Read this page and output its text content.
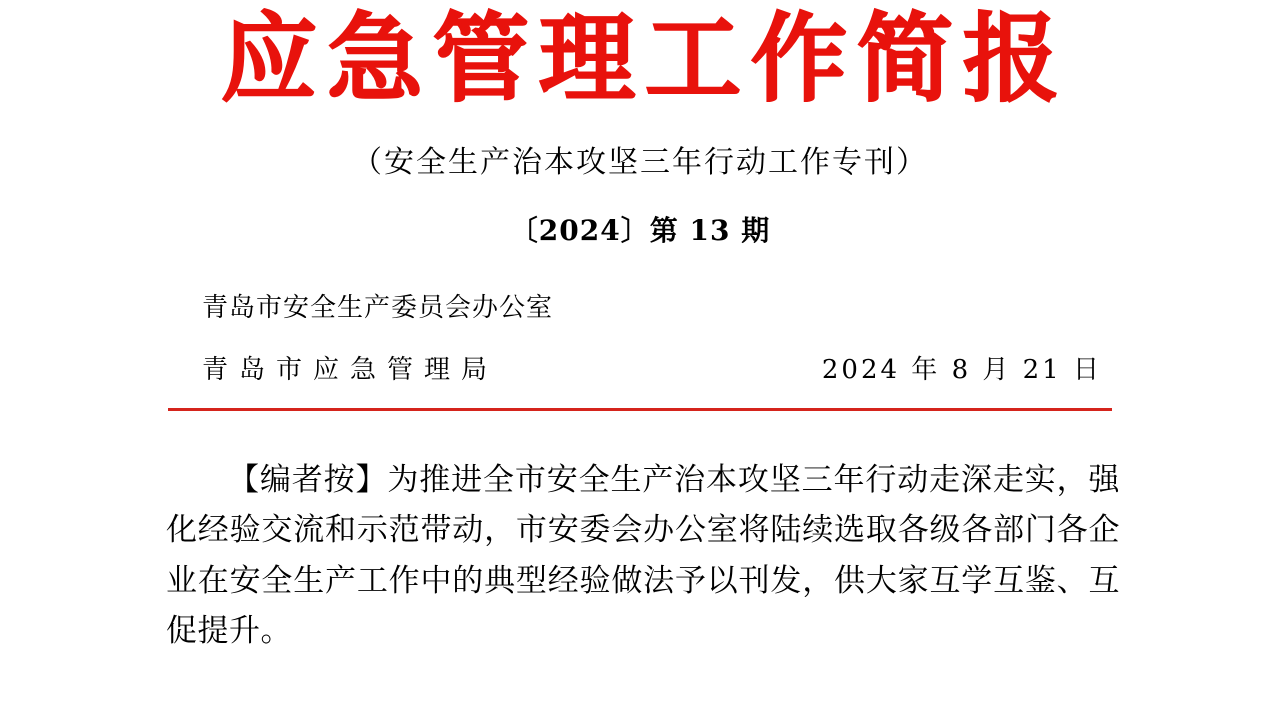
应急管理工作简报
（安全生产治本攻坚三年行动工作专刊）
〔2024〕第 13 期
青岛市安全生产委员会办公室
青岛市应急管理局	2024 年 8 月 21 日

【编者按】为推进全市安全生产治本攻坚三年行动走深走实，强化经验交流和示范带动，市安委会办公室将陆续选取各级各部门各企业在安全生产工作中的典型经验做法予以刊发，供大家互学互鉴、互促提升。
